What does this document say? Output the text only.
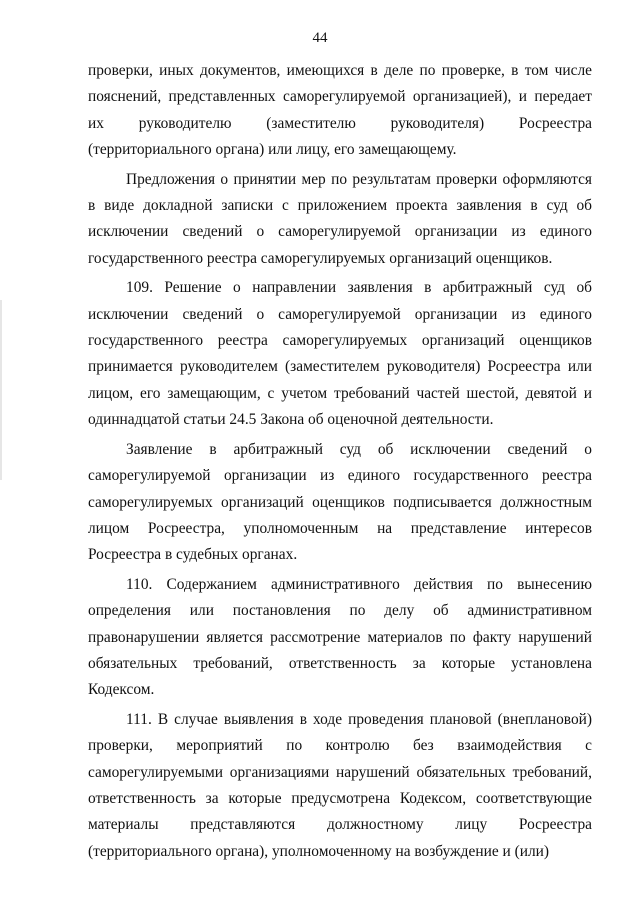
44

проверки, иных документов, имеющихся в деле по проверке, в том числе пояснений, представленных саморегулируемой организацией), и передает их руководителю (заместителю руководителя) Росреестра (территориального органа) или лицу, его замещающему.

Предложения о принятии мер по результатам проверки оформляются в виде докладной записки с приложением проекта заявления в суд об исключении сведений о саморегулируемой организации из единого государственного реестра саморегулируемых организаций оценщиков.

109. Решение о направлении заявления в арбитражный суд об исключении сведений о саморегулируемой организации из единого государственного реестра саморегулируемых организаций оценщиков принимается руководителем (заместителем руководителя) Росреестра или лицом, его замещающим, с учетом требований частей шестой, девятой и одиннадцатой статьи 24.5 Закона об оценочной деятельности.

Заявление в арбитражный суд об исключении сведений о саморегулируемой организации из единого государственного реестра саморегулируемых организаций оценщиков подписывается должностным лицом Росреестра, уполномоченным на представление интересов Росреестра в судебных органах.

110. Содержанием административного действия по вынесению определения или постановления по делу об административном правонарушении является рассмотрение материалов по факту нарушений обязательных требований, ответственность за которые установлена Кодексом.

111. В случае выявления в ходе проведения плановой (внеплановой) проверки, мероприятий по контролю без взаимодействия с саморегулируемыми организациями нарушений обязательных требований, ответственность за которые предусмотрена Кодексом, соответствующие материалы представляются должностному лицу Росреестра (территориального органа), уполномоченному на возбуждение и (или)
